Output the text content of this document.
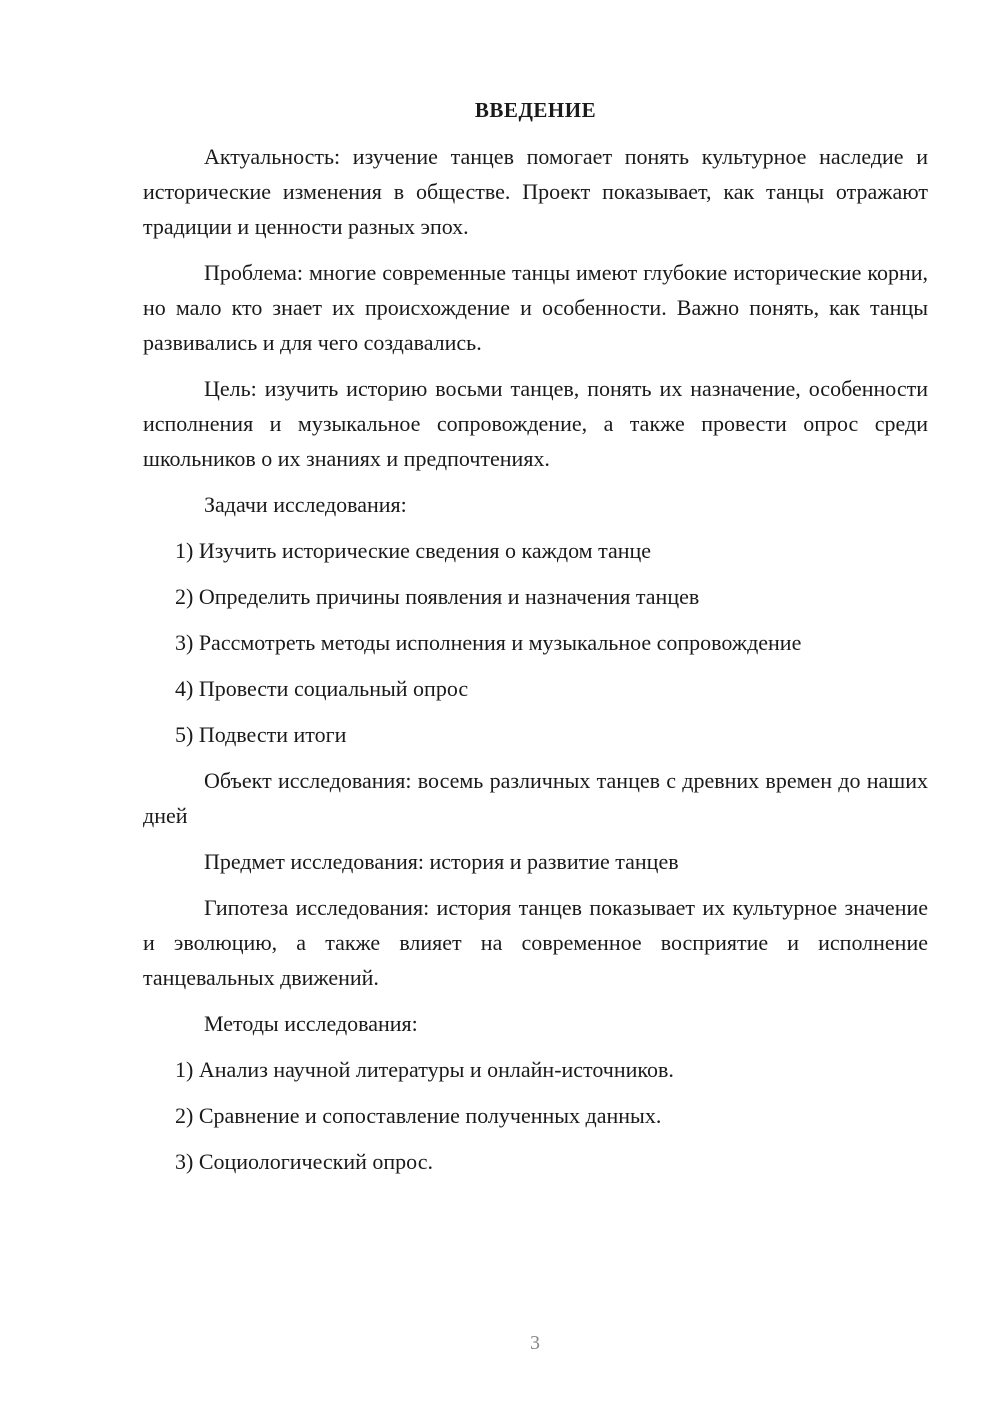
ВВЕДЕНИЕ

Актуальность: изучение танцев помогает понять культурное наследие и исторические изменения в обществе. Проект показывает, как танцы отражают традиции и ценности разных эпох.

Проблема: многие современные танцы имеют глубокие исторические корни, но мало кто знает их происхождение и особенности. Важно понять, как танцы развивались и для чего создавались.

Цель: изучить историю восьми танцев, понять их назначение, особенности исполнения и музыкальное сопровождение, а также провести опрос среди школьников о их знаниях и предпочтениях.

Задачи исследования:

1) Изучить исторические сведения о каждом танце
2) Определить причины появления и назначения танцев
3) Рассмотреть методы исполнения и музыкальное сопровождение
4) Провести социальный опрос
5) Подвести итоги

Объект исследования: восемь различных танцев с древних времен до наших дней

Предмет исследования: история и развитие танцев

Гипотеза исследования: история танцев показывает их культурное значение и эволюцию, а также влияет на современное восприятие и исполнение танцевальных движений.

Методы исследования:

1) Анализ научной литературы и онлайн-источников.
2) Сравнение и сопоставление полученных данных.
3) Социологический опрос.
3
